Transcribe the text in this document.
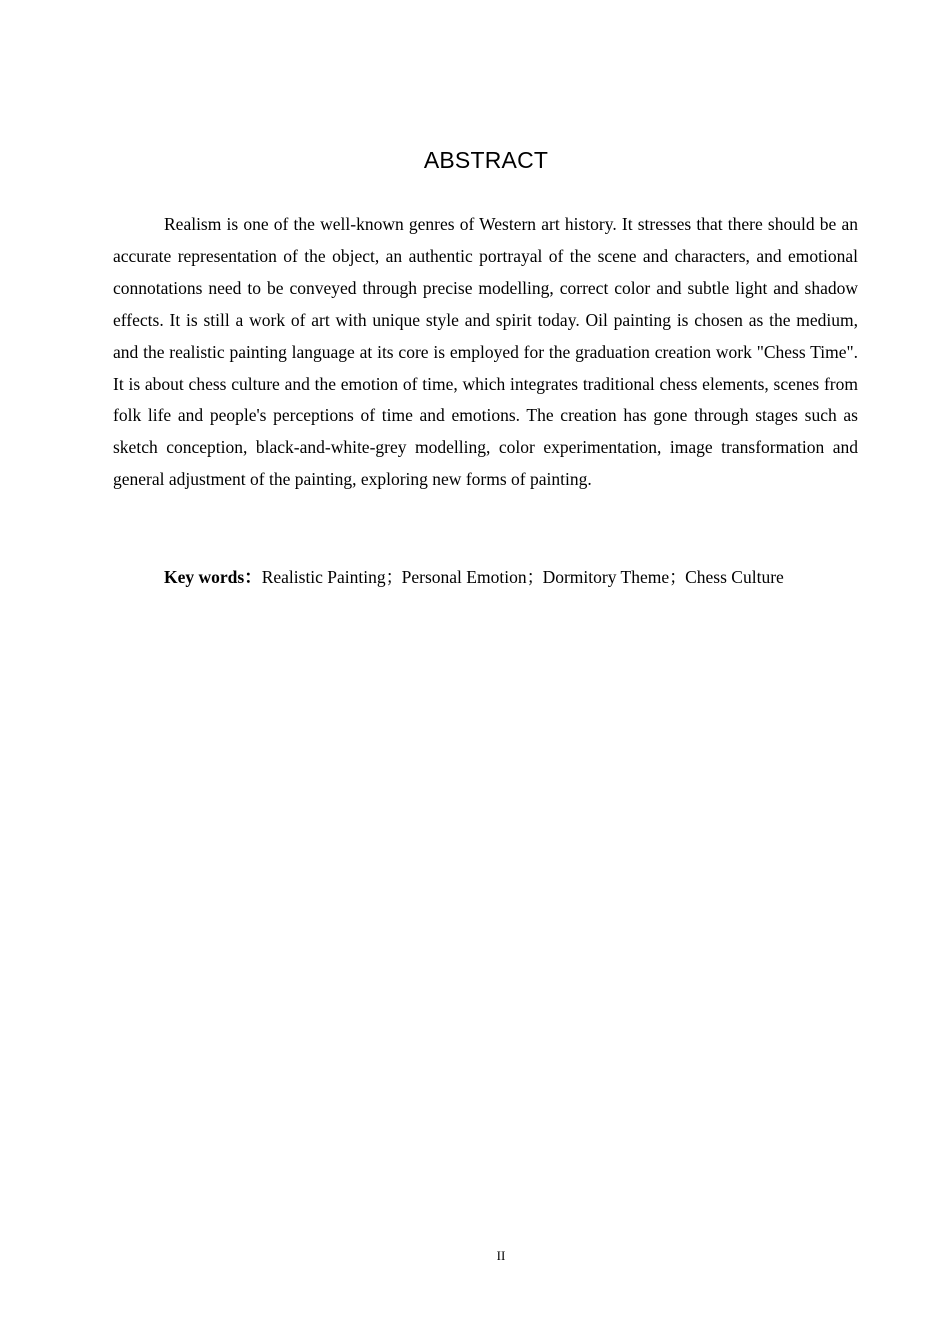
ABSTRACT

Realism is one of the well-known genres of Western art history. It stresses that there should be an accurate representation of the object, an authentic portrayal of the scene and characters, and emotional connotations need to be conveyed through precise modelling, correct color and subtle light and shadow effects. It is still a work of art with unique style and spirit today. Oil painting is chosen as the medium, and the realistic painting language at its core is employed for the graduation creation work "Chess Time". It is about chess culture and the emotion of time, which integrates traditional chess elements, scenes from folk life and people's perceptions of time and emotions. The creation has gone through stages such as sketch conception, black-and-white-grey modelling, color experimentation, image transformation and general adjustment of the painting, exploring new forms of painting.

Key words：Realistic Painting；Personal Emotion；Dormitory Theme；Chess Culture
II
